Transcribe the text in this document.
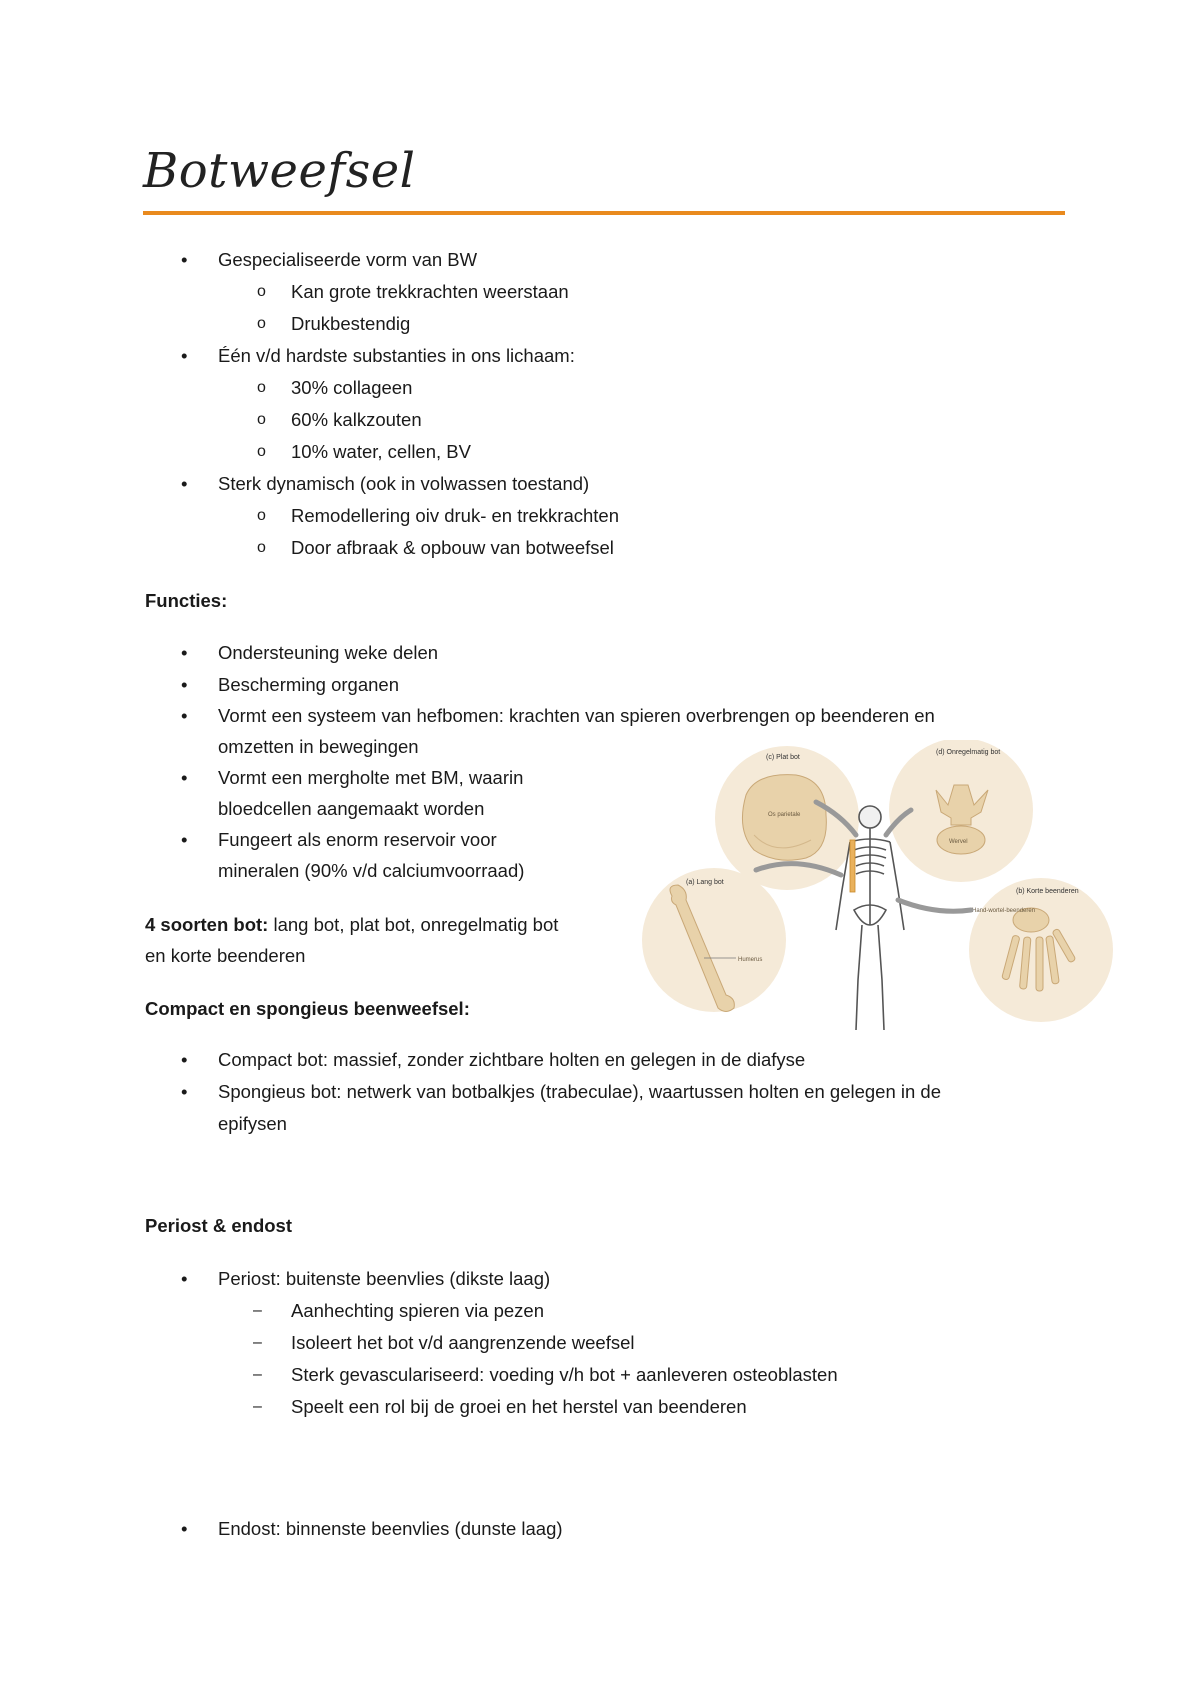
Botweefsel
• Gespecialiseerde vorm van BW
o Kan grote trekkrachten weerstaan
o Drukbestendig
• Één v/d hardste substanties in ons lichaam:
o 30% collageen
o 60% kalkzouten
o 10% water, cellen, BV
• Sterk dynamisch (ook in volwassen toestand)
o Remodellering oiv druk- en trekkrachten
o Door afbraak & opbouw van botweefsel
Functies:
• Ondersteuning weke delen
• Bescherming organen
• Vormt een systeem van hefbomen: krachten van spieren overbrengen op beenderen en
omzetten in bewegingen
• Vormt een mergholte met BM, waarin
bloedcellen aangemaakt worden
• Fungeert als enorm reservoir voor
mineralen (90% v/d calciumvoorraad)
4 soorten bot: lang bot, plat bot, onregelmatig bot
en korte beenderen
Compact en spongieus beenweefsel:
• Compact bot: massief, zonder zichtbare holten en gelegen in de diafyse
• Spongieus bot: netwerk van botbalkjes (trabeculae), waartussen holten en gelegen in de
epifysen
Periost & endost
• Periost: buitenste beenvlies (dikste laag)
– Aanhechting spieren via pezen
– Isoleert het bot v/d aangrenzende weefsel
– Sterk gevasculariseerd: voeding v/h bot + aanleveren osteoblasten
– Speelt een rol bij de groei en het herstel van beenderen
• Endost: binnenste beenvlies (dunste laag)
(c) Plat bot
Os parietale
(d) Onregelmatig bot
Wervel
(a) Lang bot
Humerus
(b) Korte beenderen
Hand-wortel-beenderen
